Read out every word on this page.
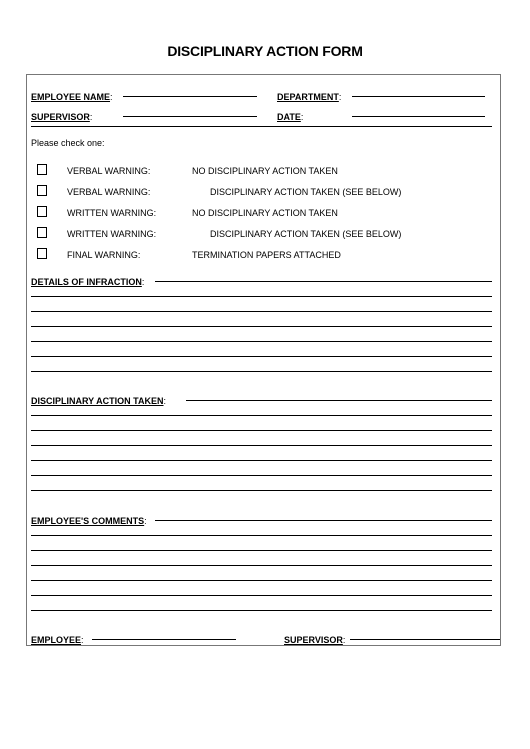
DISCIPLINARY ACTION FORM
EMPLOYEE NAME:	DEPARTMENT:
SUPERVISOR:	DATE:
Please check one:
VERBAL WARNING:	NO DISCIPLINARY ACTION TAKEN
VERBAL WARNING:	DISCIPLINARY ACTION TAKEN (SEE BELOW)
WRITTEN WARNING:	NO DISCIPLINARY ACTION TAKEN
WRITTEN WARNING:	DISCIPLINARY ACTION TAKEN (SEE BELOW)
FINAL WARNING:	TERMINATION PAPERS ATTACHED
DETAILS OF INFRACTION:
DISCIPLINARY ACTION TAKEN:
EMPLOYEE'S COMMENTS:
EMPLOYEE:	SUPERVISOR:
